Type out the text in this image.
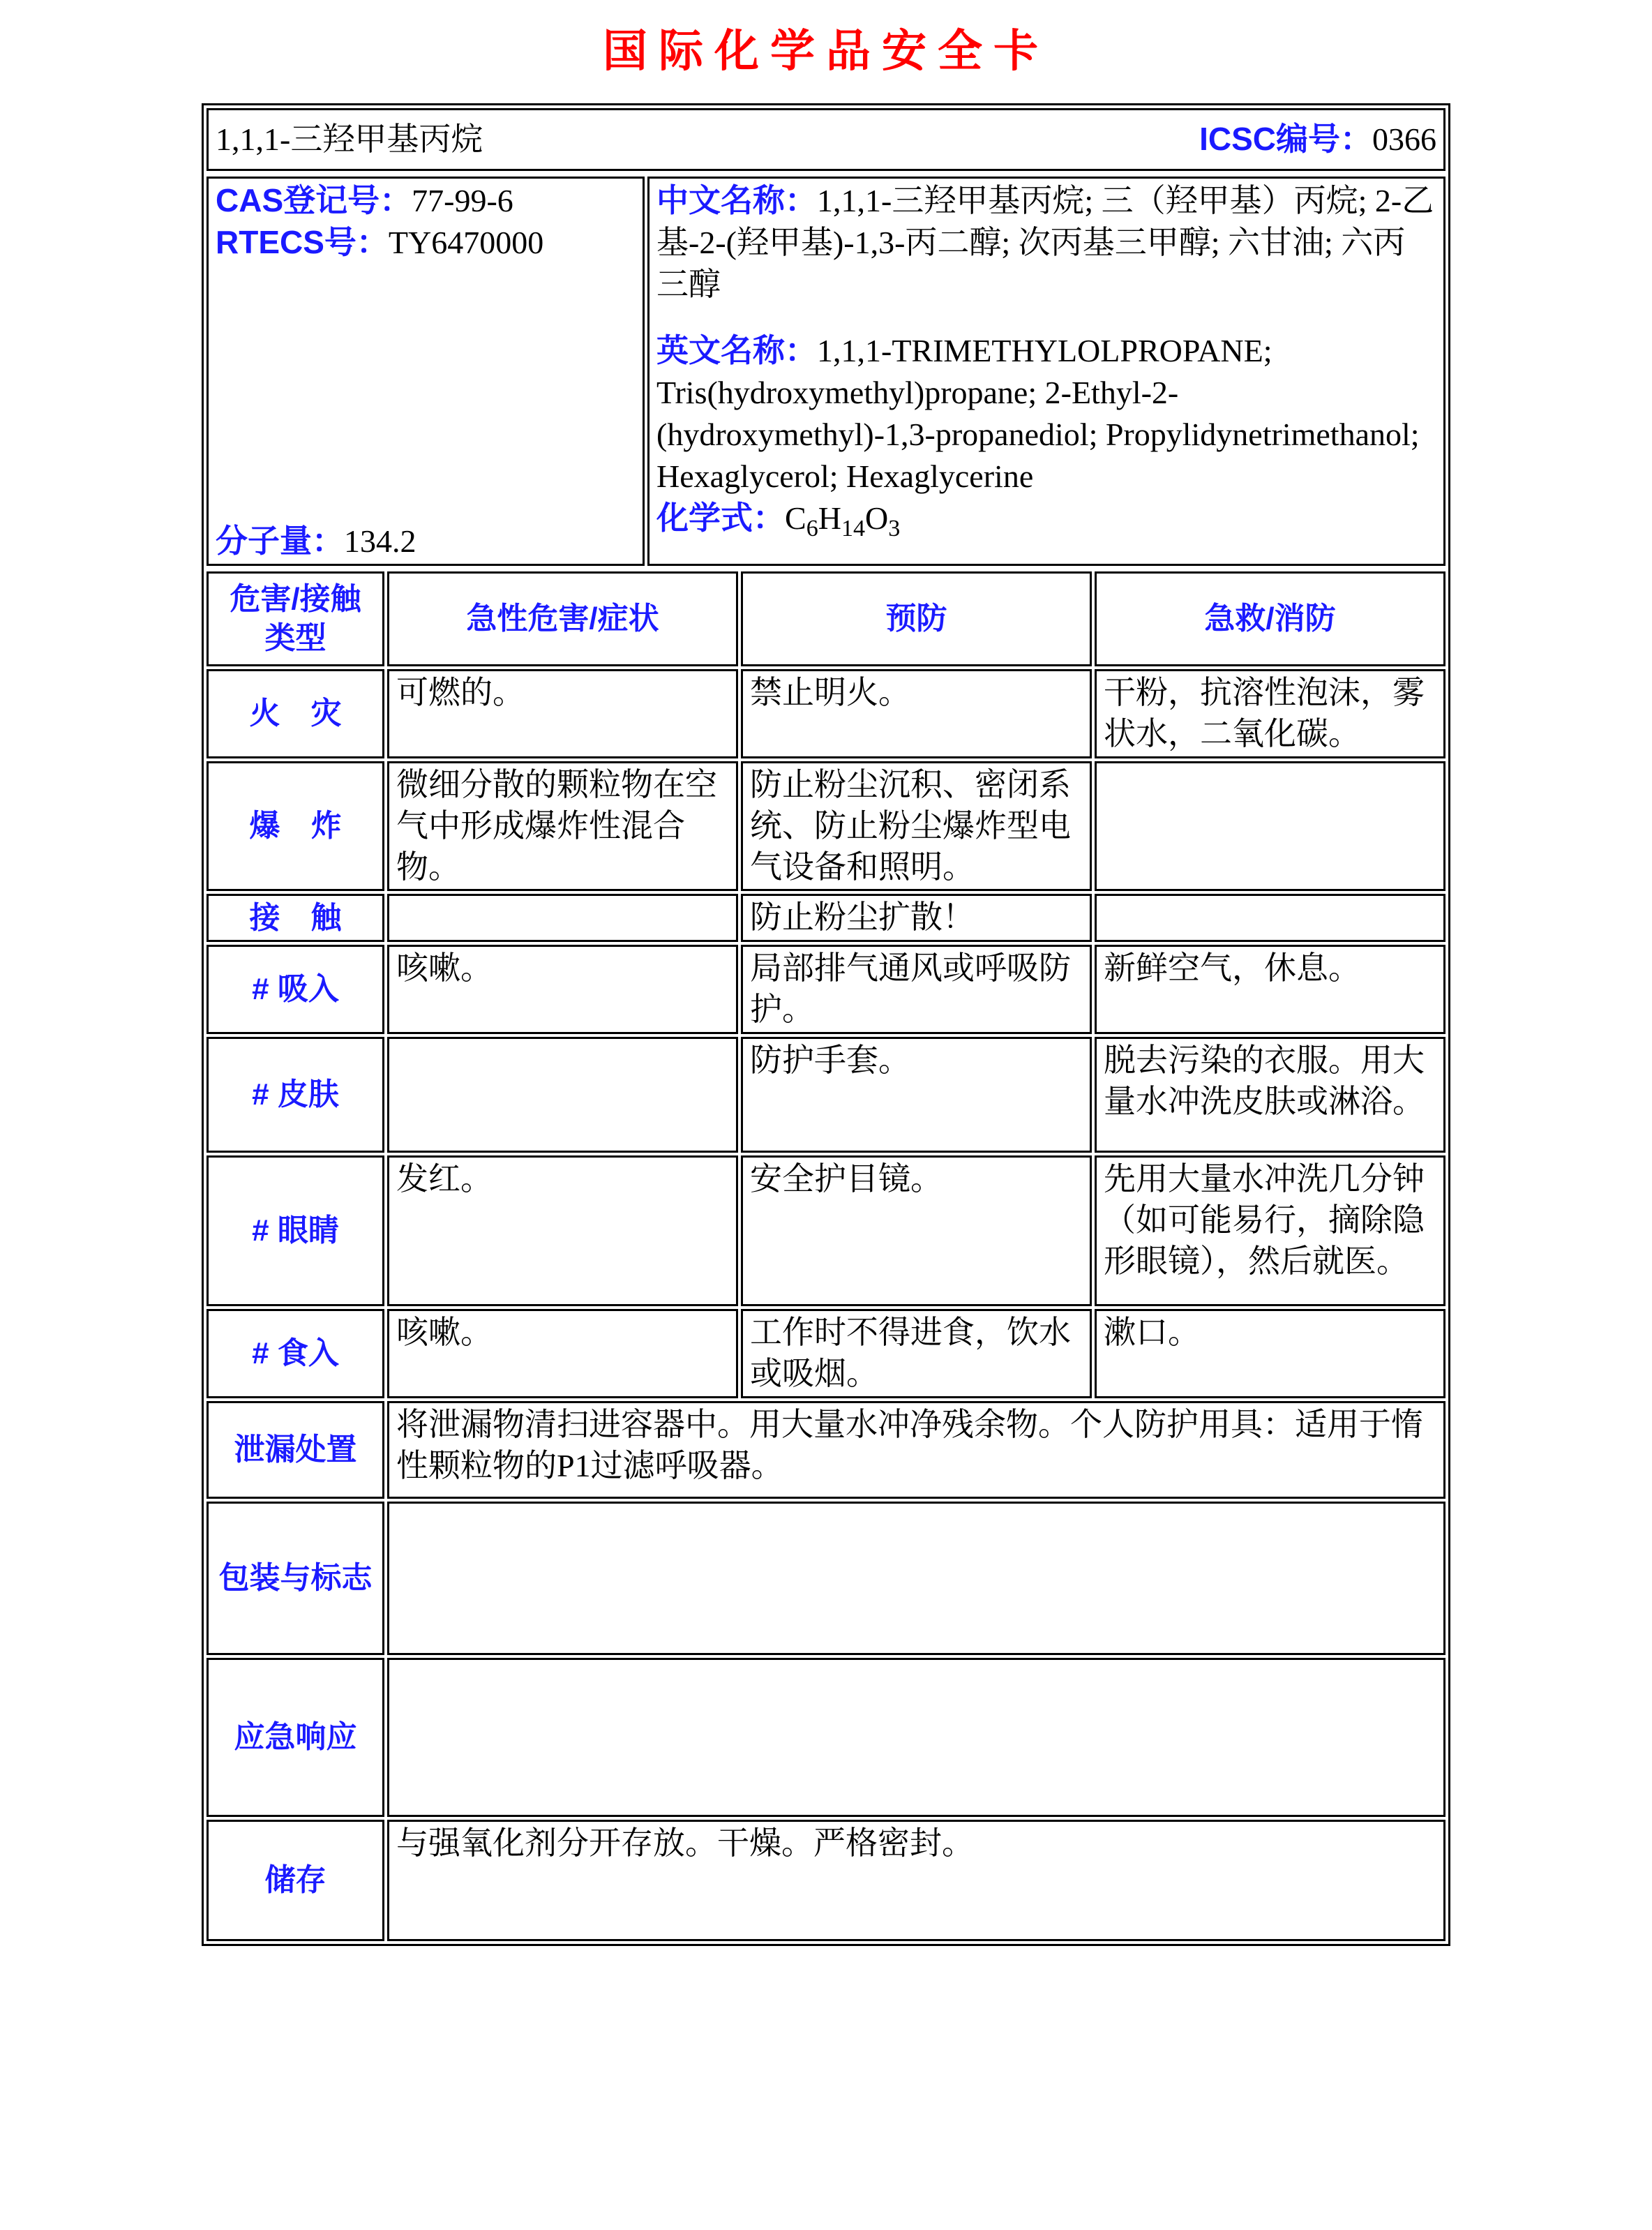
国际化学品安全卡
1,1,1-三羟甲基丙烷	ICSC编号：0366
CAS登记号：77-99-6
RTECS号：TY6470000
分子量：134.2

中文名称：1,1,1-三羟甲基丙烷; 三（羟甲基）丙烷; 2-乙基-2-(羟甲基)-1,3-丙二醇; 次丙基三甲醇; 六甘油; 六丙三醇
英文名称：1,1,1-TRIMETHYLOLPROPANE; Tris(hydroxymethyl)propane; 2-Ethyl-2-(hydroxymethyl)-1,3-propanediol; Propylidynetrimethanol; Hexaglycerol; Hexaglycerine
化学式：$C_6H_{14}O_3$
危害/接触
类型	急性危害/症状	预防	急救/消防
火　灾	可燃的。	禁止明火。	干粉，抗溶性泡沫，雾状水，二氧化碳。
爆　炸	微细分散的颗粒物在空气中形成爆炸性混合物。	防止粉尘沉积、密闭系统、防止粉尘爆炸型电气设备和照明。	
接　触		防止粉尘扩散！	
# 吸入	咳嗽。	局部排气通风或呼吸防护。	新鲜空气，休息。
# 皮肤		防护手套。	脱去污染的衣服。用大量水冲洗皮肤或淋浴。
# 眼睛	发红。	安全护目镜。	先用大量水冲洗几分钟（如可能易行，摘除隐形眼镜），然后就医。
# 食入	咳嗽。	工作时不得进食，饮水或吸烟。	漱口。
泄漏处置	将泄漏物清扫进容器中。用大量水冲净残余物。个人防护用具：适用于惰性颗粒物的P1过滤呼吸器。		
包装与标志			
应急响应			
储存	与强氧化剂分开存放。干燥。严格密封。		
